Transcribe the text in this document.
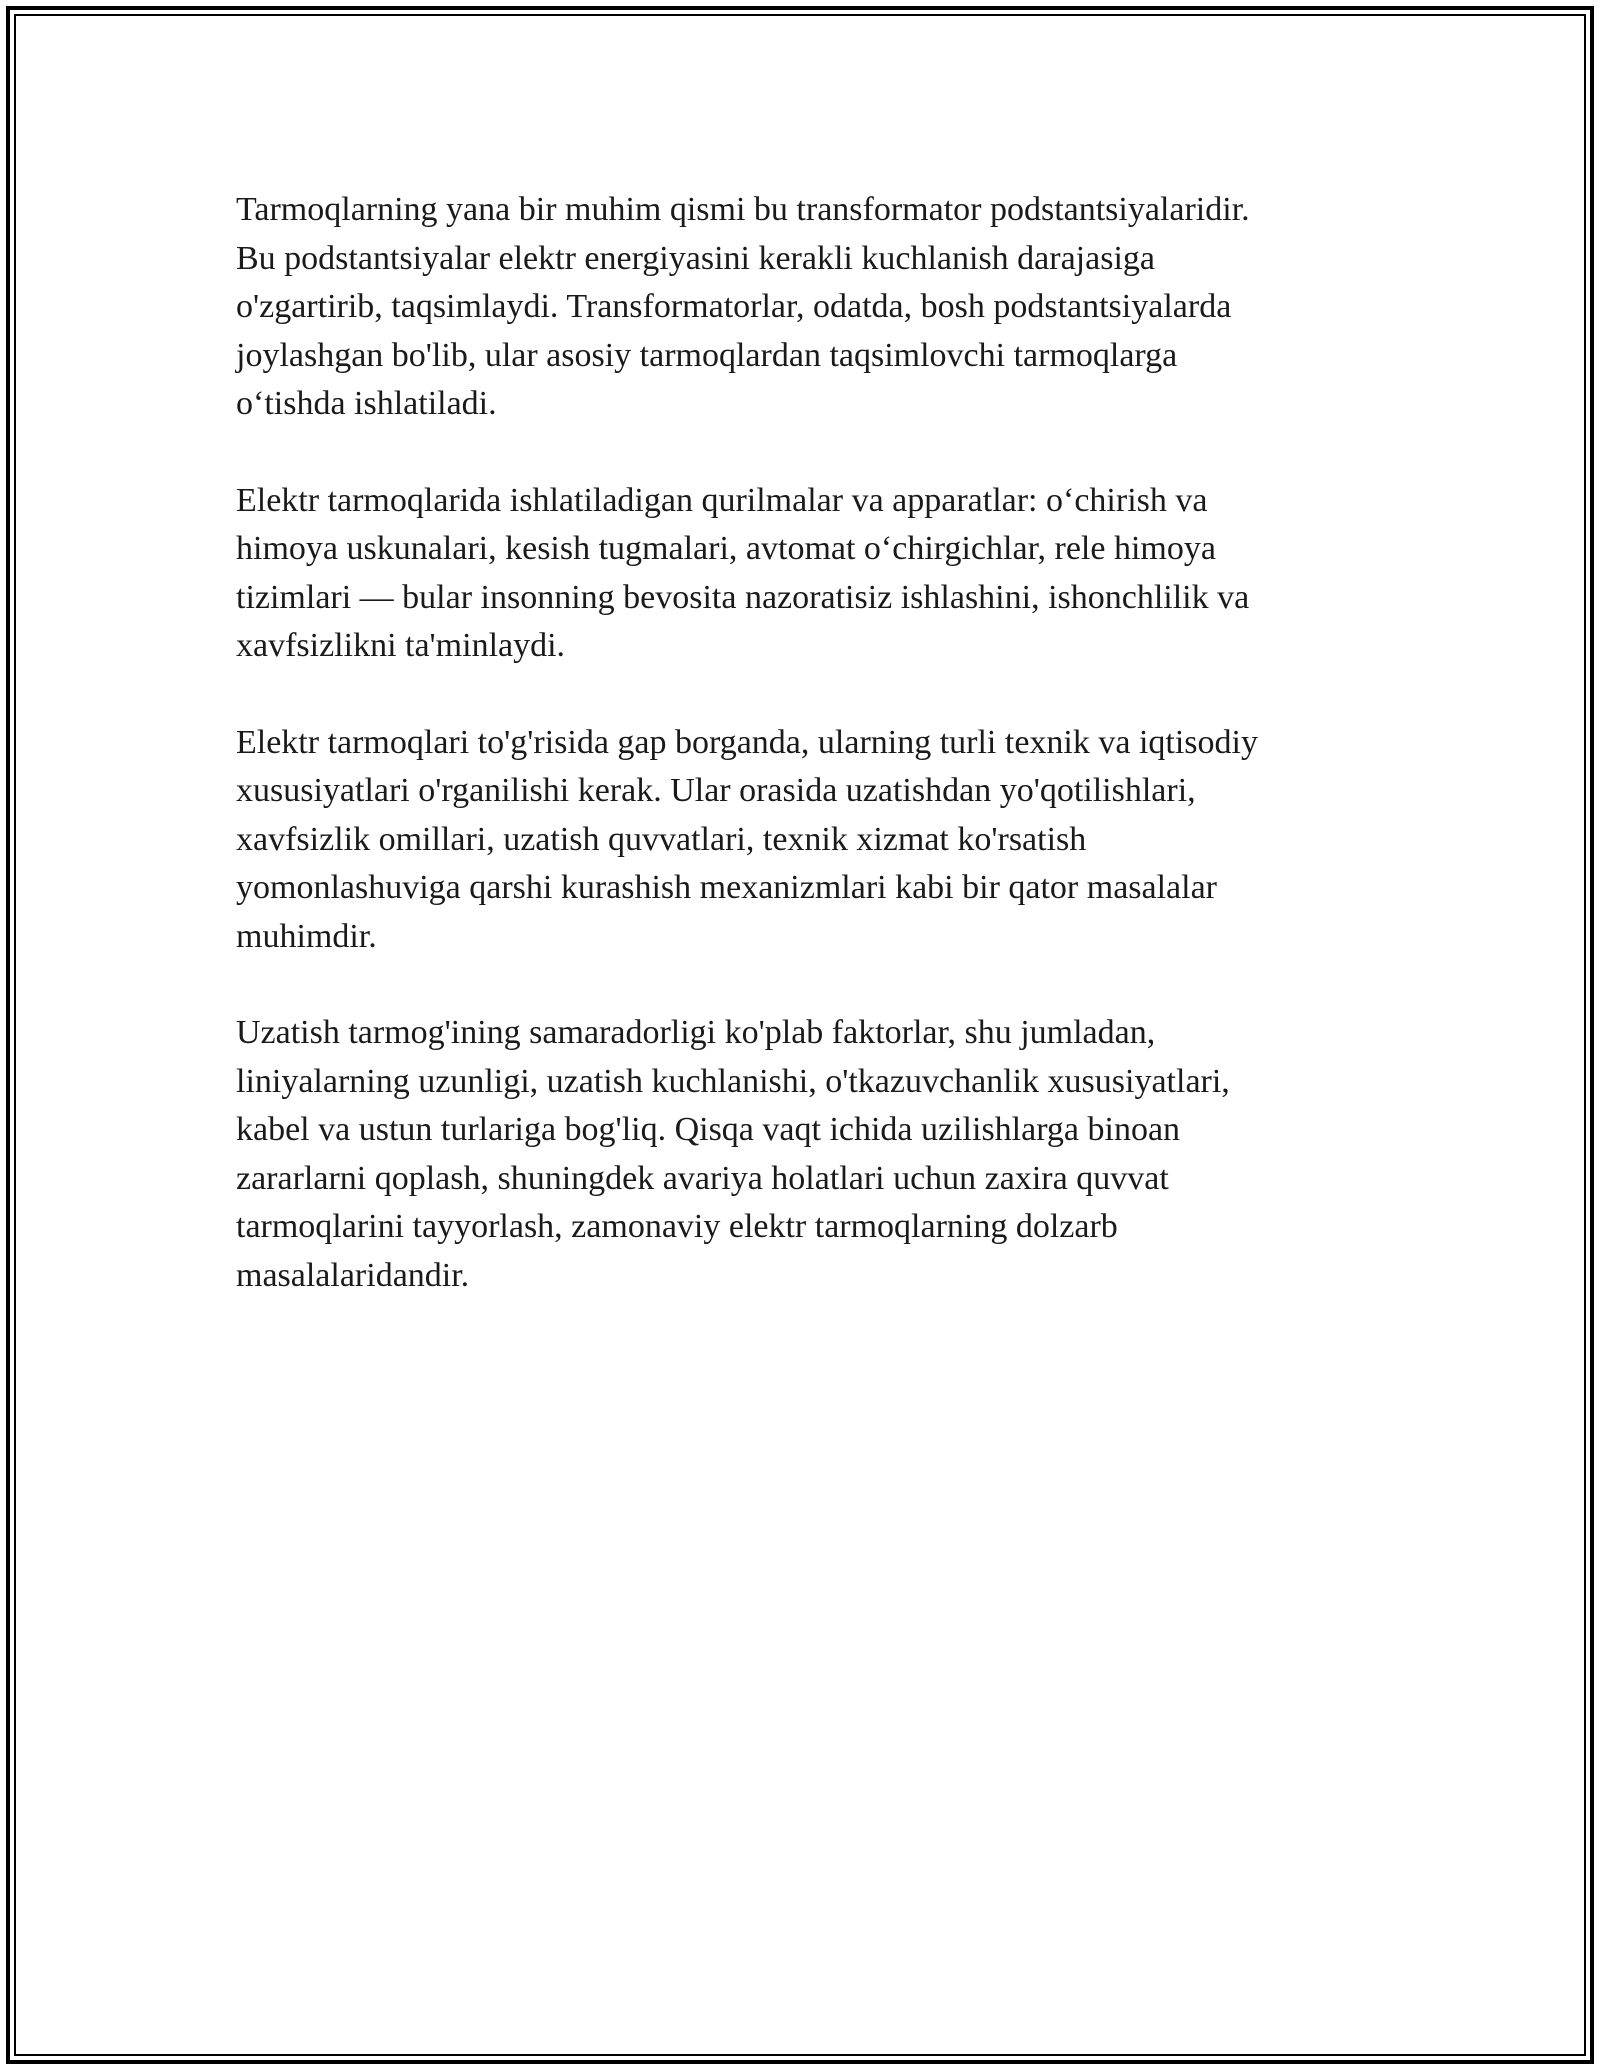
Tarmoqlarning yana bir muhim qismi bu transformator podstantsiyalaridir.
Bu podstantsiyalar elektr energiyasini kerakli kuchlanish darajasiga
o'zgartirib, taqsimlaydi. Transformatorlar, odatda, bosh podstantsiyalarda
joylashgan bo'lib, ular asosiy tarmoqlardan taqsimlovchi tarmoqlarga
o‘tishda ishlatiladi.

Elektr tarmoqlarida ishlatiladigan qurilmalar va apparatlar: o‘chirish va
himoya uskunalari, kesish tugmalari, avtomat o‘chirgichlar, rele himoya
tizimlari — bular insonning bevosita nazoratisiz ishlashini, ishonchlilik va
xavfsizlikni ta'minlaydi.

Elektr tarmoqlari to'g'risida gap borganda, ularning turli texnik va iqtisodiy
xususiyatlari o'rganilishi kerak. Ular orasida uzatishdan yo'qotilishlari,
xavfsizlik omillari, uzatish quvvatlari, texnik xizmat ko'rsatish
yomonlashuviga qarshi kurashish mexanizmlari kabi bir qator masalalar
muhimdir.

Uzatish tarmog'ining samaradorligi ko'plab faktorlar, shu jumladan,
liniyalarning uzunligi, uzatish kuchlanishi, o'tkazuvchanlik xususiyatlari,
kabel va ustun turlariga bog'liq. Qisqa vaqt ichida uzilishlarga binoan
zararlarni qoplash, shuningdek avariya holatlari uchun zaxira quvvat
tarmoqlarini tayyorlash, zamonaviy elektr tarmoqlarning dolzarb
masalalaridandir.
